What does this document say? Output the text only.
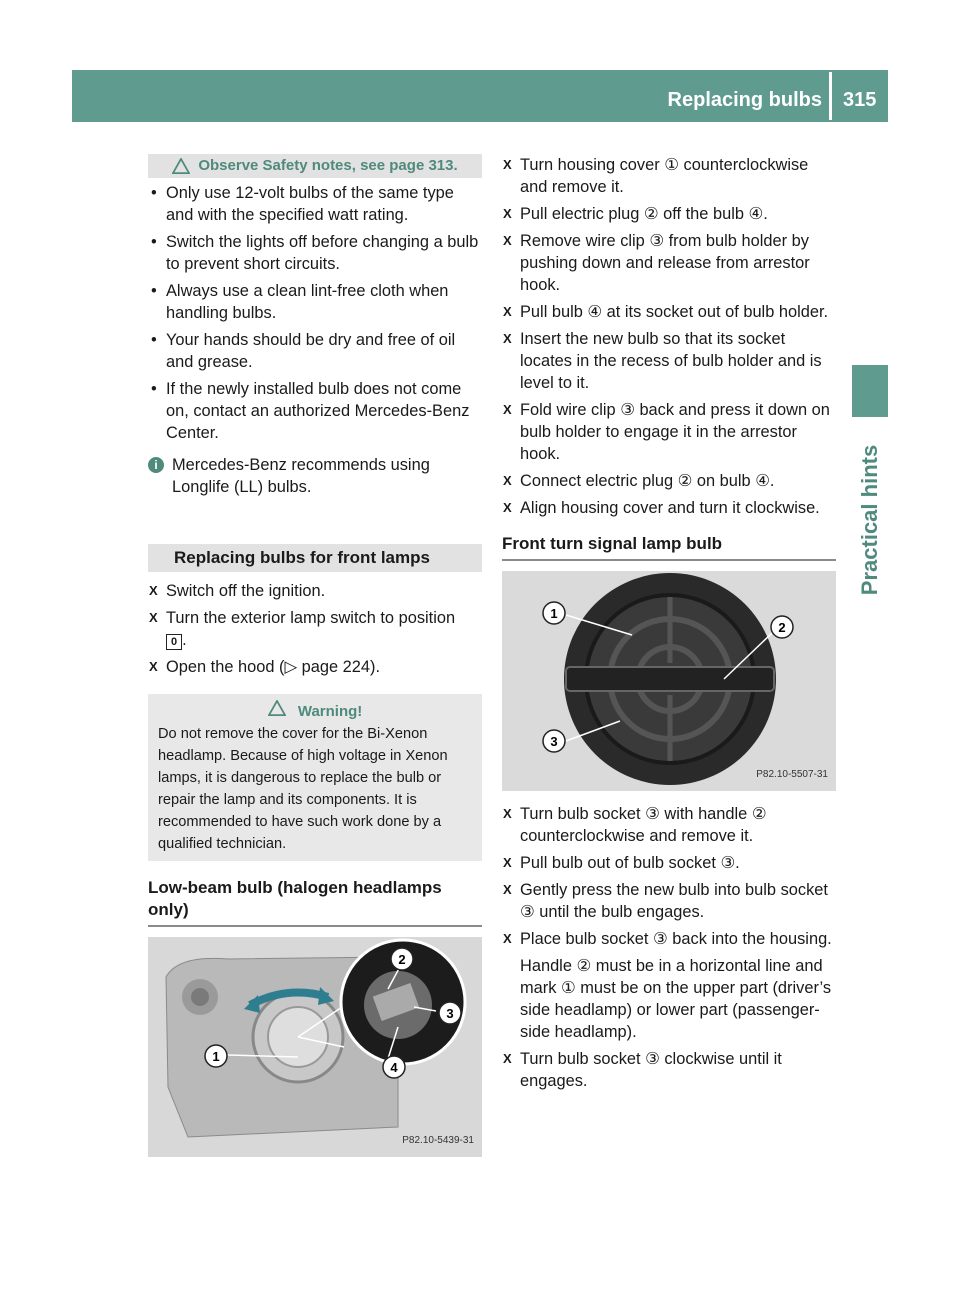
Replacing bulbs 315
Practical hints
Observe Safety notes, see page 313.
• Only use 12-volt bulbs of the same type and with the specified watt rating.
• Switch the lights off before changing a bulb to prevent short circuits.
• Always use a clean lint-free cloth when handling bulbs.
• Your hands should be dry and free of oil and grease.
• If the newly installed bulb does not come on, contact an authorized Mercedes-Benz Center.
i Mercedes-Benz recommends using Longlife (LL) bulbs.
Replacing bulbs for front lamps
X Switch off the ignition.
X Turn the exterior lamp switch to position
0 .
X Open the hood (▷ page 224).
Warning!
Do not remove the cover for the Bi-Xenon headlamp. Because of high voltage in Xenon lamps, it is dangerous to replace the bulb or repair the lamp and its components. It is recommended to have such work done by a qualified technician.
Low-beam bulb (halogen headlamps only)
1
2
3
4
P82.10-5439-31
X Turn housing cover ① counterclockwise and remove it.
X Pull electric plug ② off the bulb ④.
X Remove wire clip ③ from bulb holder by pushing down and release from arrestor hook.
X Pull bulb ④ at its socket out of bulb holder.
X Insert the new bulb so that its socket locates in the recess of bulb holder and is level to it.
X Fold wire clip ③ back and press it down on bulb holder to engage it in the arrestor hook.
X Connect electric plug ② on bulb ④.
X Align housing cover and turn it clockwise.
Front turn signal lamp bulb
1
2
3
P82.10-5507-31
X Turn bulb socket ③ with handle ② counterclockwise and remove it.
X Pull bulb out of bulb socket ③.
X Gently press the new bulb into bulb socket ③ until the bulb engages.
X Place bulb socket ③ back into the housing.
Handle ② must be in a horizontal line and mark ① must be on the upper part (driver’s side headlamp) or lower part (passenger-side headlamp).
X Turn bulb socket ③ clockwise until it engages.
